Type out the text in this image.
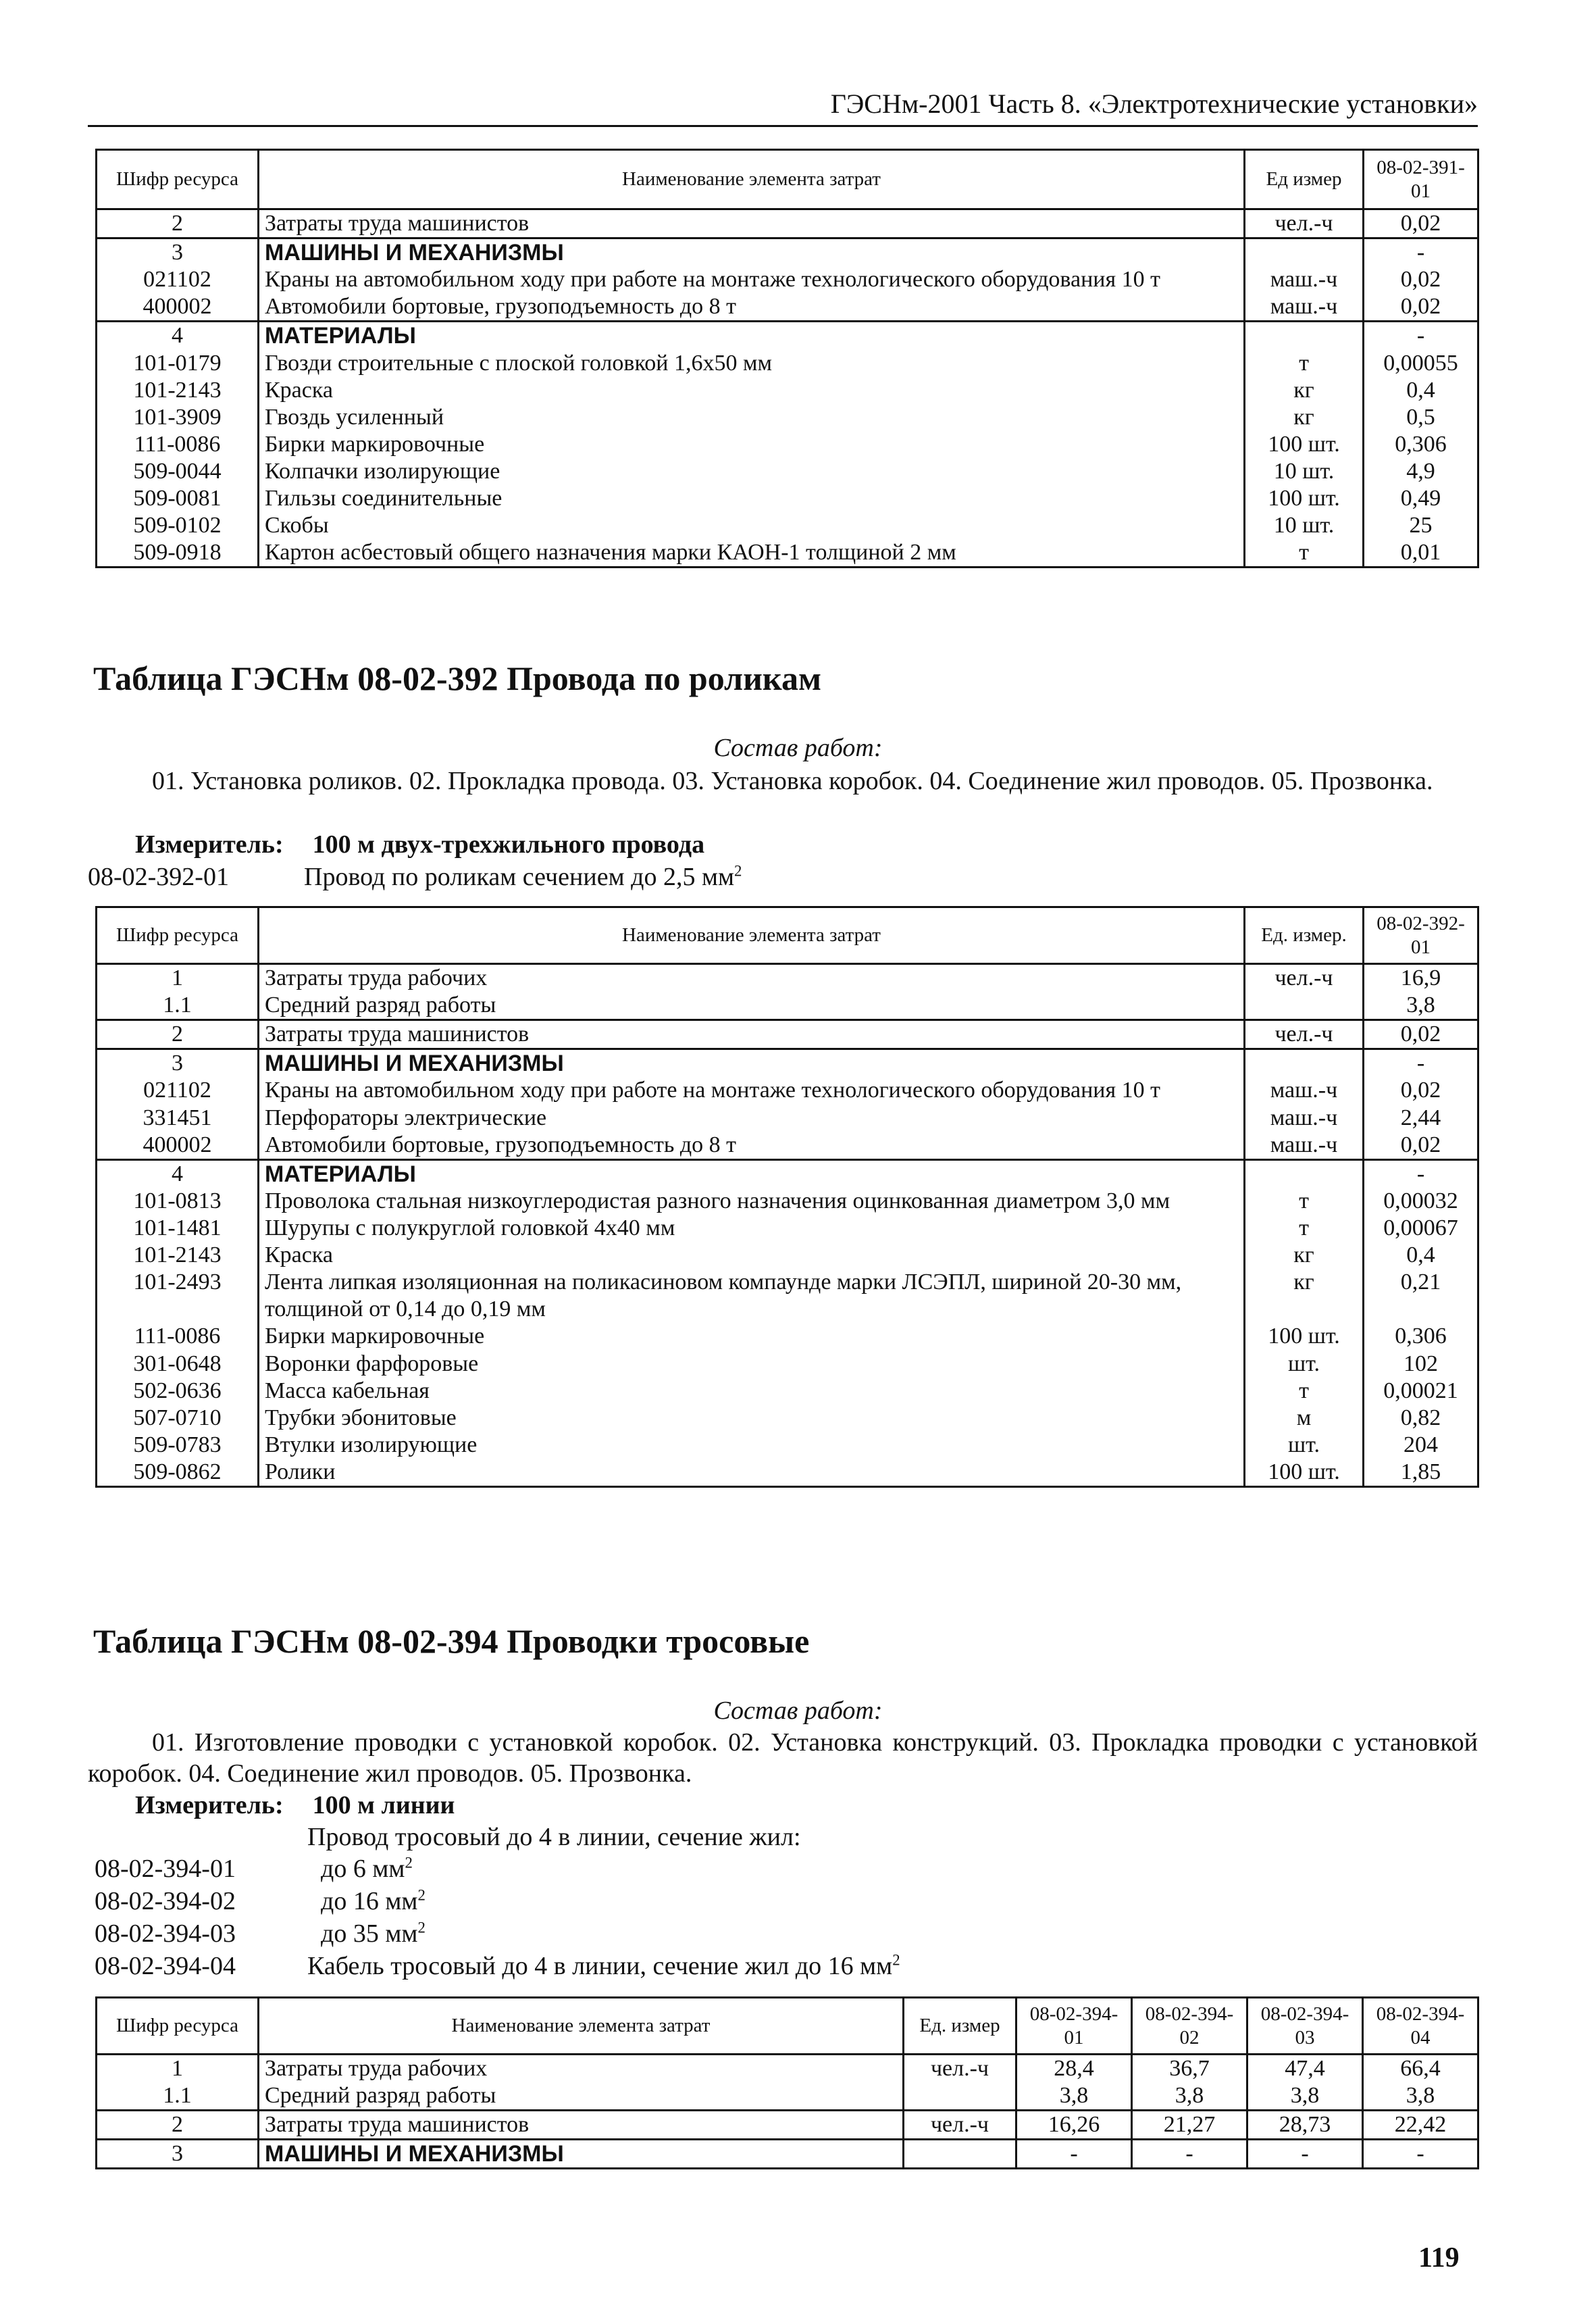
ГЭСНм-2001 Часть 8. «Электротехнические установки»
Шифр ресурса	Наименование элемента затрат	Ед измер	08-02-391-01
2	Затраты труда машинистов	чел.-ч	0,02
3	МАШИНЫ И МЕХАНИЗМЫ		-
021102	Краны на автомобильном ходу при работе на монтаже технологического оборудования 10 т	маш.-ч	0,02
400002	Автомобили бортовые, грузоподъемность до 8 т	маш.-ч	0,02
4	МАТЕРИАЛЫ		-
101-0179	Гвозди строительные с плоской головкой 1,6х50 мм	т	0,00055
101-2143	Краска	кг	0,4
101-3909	Гвоздь усиленный	кг	0,5
111-0086	Бирки маркировочные	100 шт.	0,306
509-0044	Колпачки изолирующие	10 шт.	4,9
509-0081	Гильзы соединительные	100 шт.	0,49
509-0102	Скобы	10 шт.	25
509-0918	Картон асбестовый общего назначения марки КАОН-1 толщиной 2 мм	т	0,01
Таблица ГЭСНм 08-02-392 Провода по роликам
Состав работ:
01. Установка роликов. 02. Прокладка провода. 03. Установка коробок. 04. Соединение жил проводов. 05. Прозвонка.
Измеритель: 100 м двух-трехжильного провода
08-02-392-01	Провод по роликам сечением до 2,5 $мм^2$
Шифр ресурса	Наименование элемента затрат	Ед. измер.	08-02-392-01
1	Затраты труда рабочих	чел.-ч	16,9
1.1	Средний разряд работы		3,8
2	Затраты труда машинистов	чел.-ч	0,02
3	МАШИНЫ И МЕХАНИЗМЫ		-
021102	Краны на автомобильном ходу при работе на монтаже технологического оборудования 10 т	маш.-ч	0,02
331451	Перфораторы электрические	маш.-ч	2,44
400002	Автомобили бортовые, грузоподъемность до 8 т	маш.-ч	0,02
4	МАТЕРИАЛЫ		-
101-0813	Проволока стальная низкоуглеродистая разного назначения оцинкованная диаметром 3,0 мм	т	0,00032
101-1481	Шурупы с полукруглой головкой 4х40 мм	т	0,00067
101-2143	Краска	кг	0,4
101-2493	Лента липкая изоляционная на поликасиновом компаунде марки ЛСЭПЛ, шириной 20-30 мм, толщиной от 0,14 до 0,19 мм	кг	0,21
111-0086	Бирки маркировочные	100 шт.	0,306
301-0648	Воронки фарфоровые	шт.	102
502-0636	Масса кабельная	т	0,00021
507-0710	Трубки эбонитовые	м	0,82
509-0783	Втулки изолирующие	шт.	204
509-0862	Ролики	100 шт.	1,85
Таблица ГЭСНм 08-02-394 Проводки тросовые
Состав работ:
01. Изготовление проводки с установкой коробок. 02. Установка конструкций. 03. Прокладка проводки с установкой коробок. 04. Соединение жил проводов. 05. Прозвонка.
Измеритель: 100 м линии
Провод тросовый до 4 в линии, сечение жил:
08-02-394-01	до 6 $мм^2$
08-02-394-02	до 16 $мм^2$
08-02-394-03	до 35 $мм^2$
08-02-394-04	Кабель тросовый до 4 в линии, сечение жил до 16 $мм^2$
Шифр ресурса	Наименование элемента затрат	Ед. измер	08-02-394-01	08-02-394-02	08-02-394-03	08-02-394-04
1	Затраты труда рабочих	чел.-ч	28,4	36,7	47,4	66,4
1.1	Средний разряд работы		3,8	3,8	3,8	3,8
2	Затраты труда машинистов	чел.-ч	16,26	21,27	28,73	22,42
3	МАШИНЫ И МЕХАНИЗМЫ		-	-	-	-
119
